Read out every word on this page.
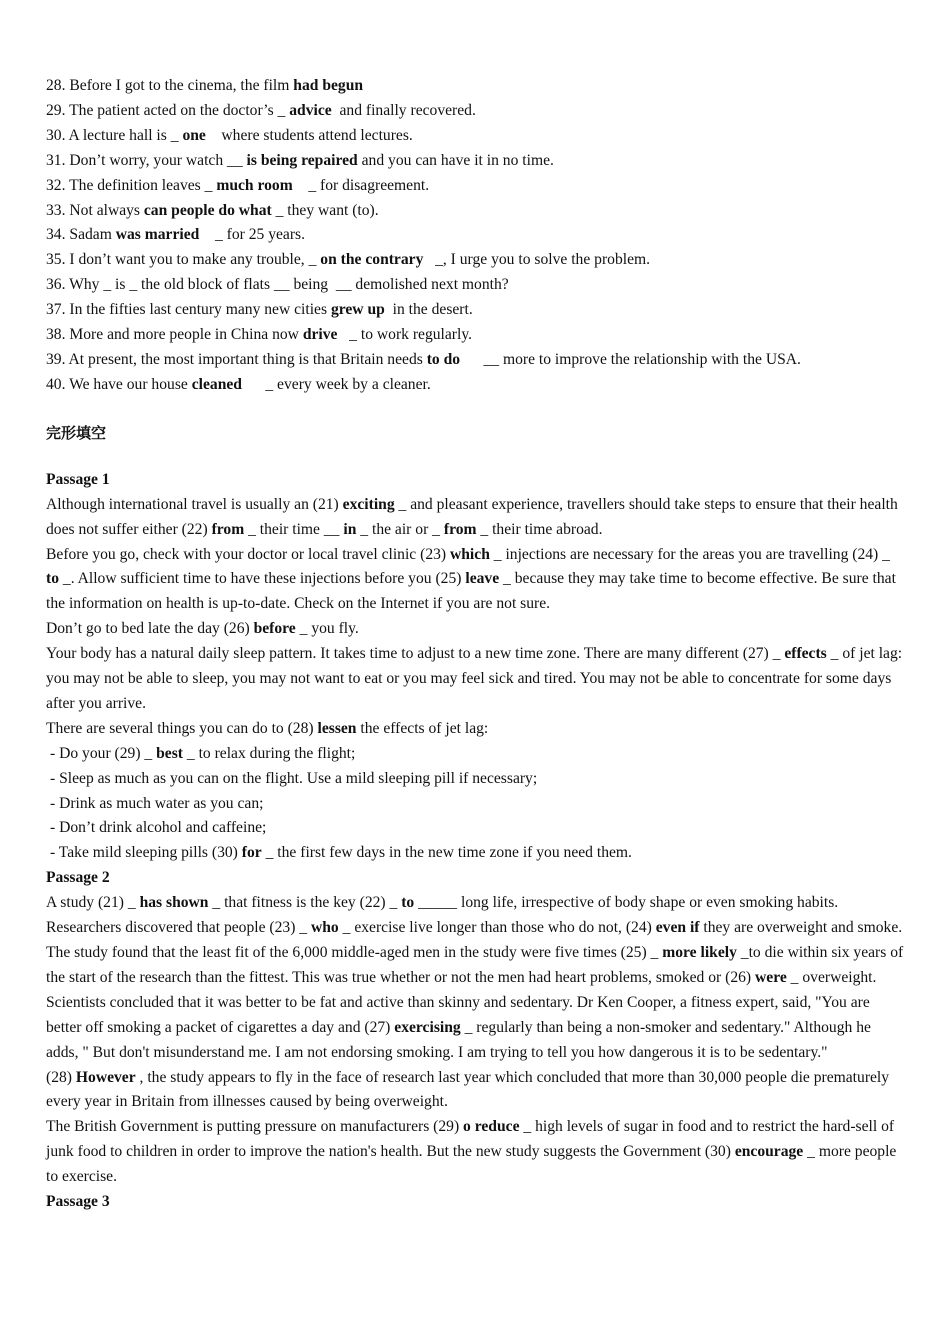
28. Before I got to the cinema, the film had begun
29. The patient acted on the doctor’s _ advice  and finally recovered.
30. A lecture hall is _ one    where students attend lectures.
31. Don’t worry, your watch __ is being repaired and you can have it in no time.
32. The definition leaves _ much room    _ for disagreement.
33. Not always can people do what _ they want (to).
34. Sadam was married    _ for 25 years.
35. I don’t want you to make any trouble, _ on the contrary   _, I urge you to solve the problem.
36. Why _ is _ the old block of flats __ being  __ demolished next month?
37. In the fifties last century many new cities grew up  in the desert.
38. More and more people in China now drive   _ to work regularly.
39. At present, the most important thing is that Britain needs to do      __ more to improve the relationship with the USA.
40. We have our house cleaned      _ every week by a cleaner.
完形填空
Passage 1
Although international travel is usually an (21) exciting _ and pleasant experience, travellers should take steps to ensure that their health does not suffer either (22) from _ their time __ in _ the air or _ from _ their time abroad.
Before you go, check with your doctor or local travel clinic (23) which _ injections are necessary for the areas you are travelling (24) _ to _. Allow sufficient time to have these injections before you (25) leave _ because they may take time to become effective. Be sure that the information on health is up-to-date. Check on the Internet if you are not sure.
Don’t go to bed late the day (26) before _ you fly.
Your body has a natural daily sleep pattern. It takes time to adjust to a new time zone. There are many different (27) _ effects _ of jet lag: you may not be able to sleep, you may not want to eat or you may feel sick and tired. You may not be able to concentrate for some days after you arrive.
There are several things you can do to (28) lessen the effects of jet lag:
- Do your (29) _ best _ to relax during the flight;
- Sleep as much as you can on the flight. Use a mild sleeping pill if necessary;
- Drink as much water as you can;
- Don’t drink alcohol and caffeine;
- Take mild sleeping pills (30) for _ the first few days in the new time zone if you need them.
Passage 2
A study (21) _ has shown _ that fitness is the key (22) _ to _____ long life, irrespective of body shape or even smoking habits. Researchers discovered that people (23) _ who _ exercise live longer than those who do not, (24) even if they are overweight and smoke.
The study found that the least fit of the 6,000 middle-aged men in the study were five times (25) _ more likely _to die within six years of the start of the research than the fittest. This was true whether or not the men had heart problems, smoked or (26) were _ overweight. Scientists concluded that it was better to be fat and active than skinny and sedentary. Dr Ken Cooper, a fitness expert, said, "You are better off smoking a packet of cigarettes a day and (27) exercising _ regularly than being a non-smoker and sedentary." Although he adds, " But don't misunderstand me. I am not endorsing smoking. I am trying to tell you how dangerous it is to be sedentary."
(28) However , the study appears to fly in the face of research last year which concluded that more than 30,000 people die prematurely every year in Britain from illnesses caused by being overweight.
The British Government is putting pressure on manufacturers (29) o reduce _ high levels of sugar in food and to restrict the hard-sell of junk food to children in order to improve the nation's health. But the new study suggests the Government (30) encourage _ more people to exercise.
Passage 3
